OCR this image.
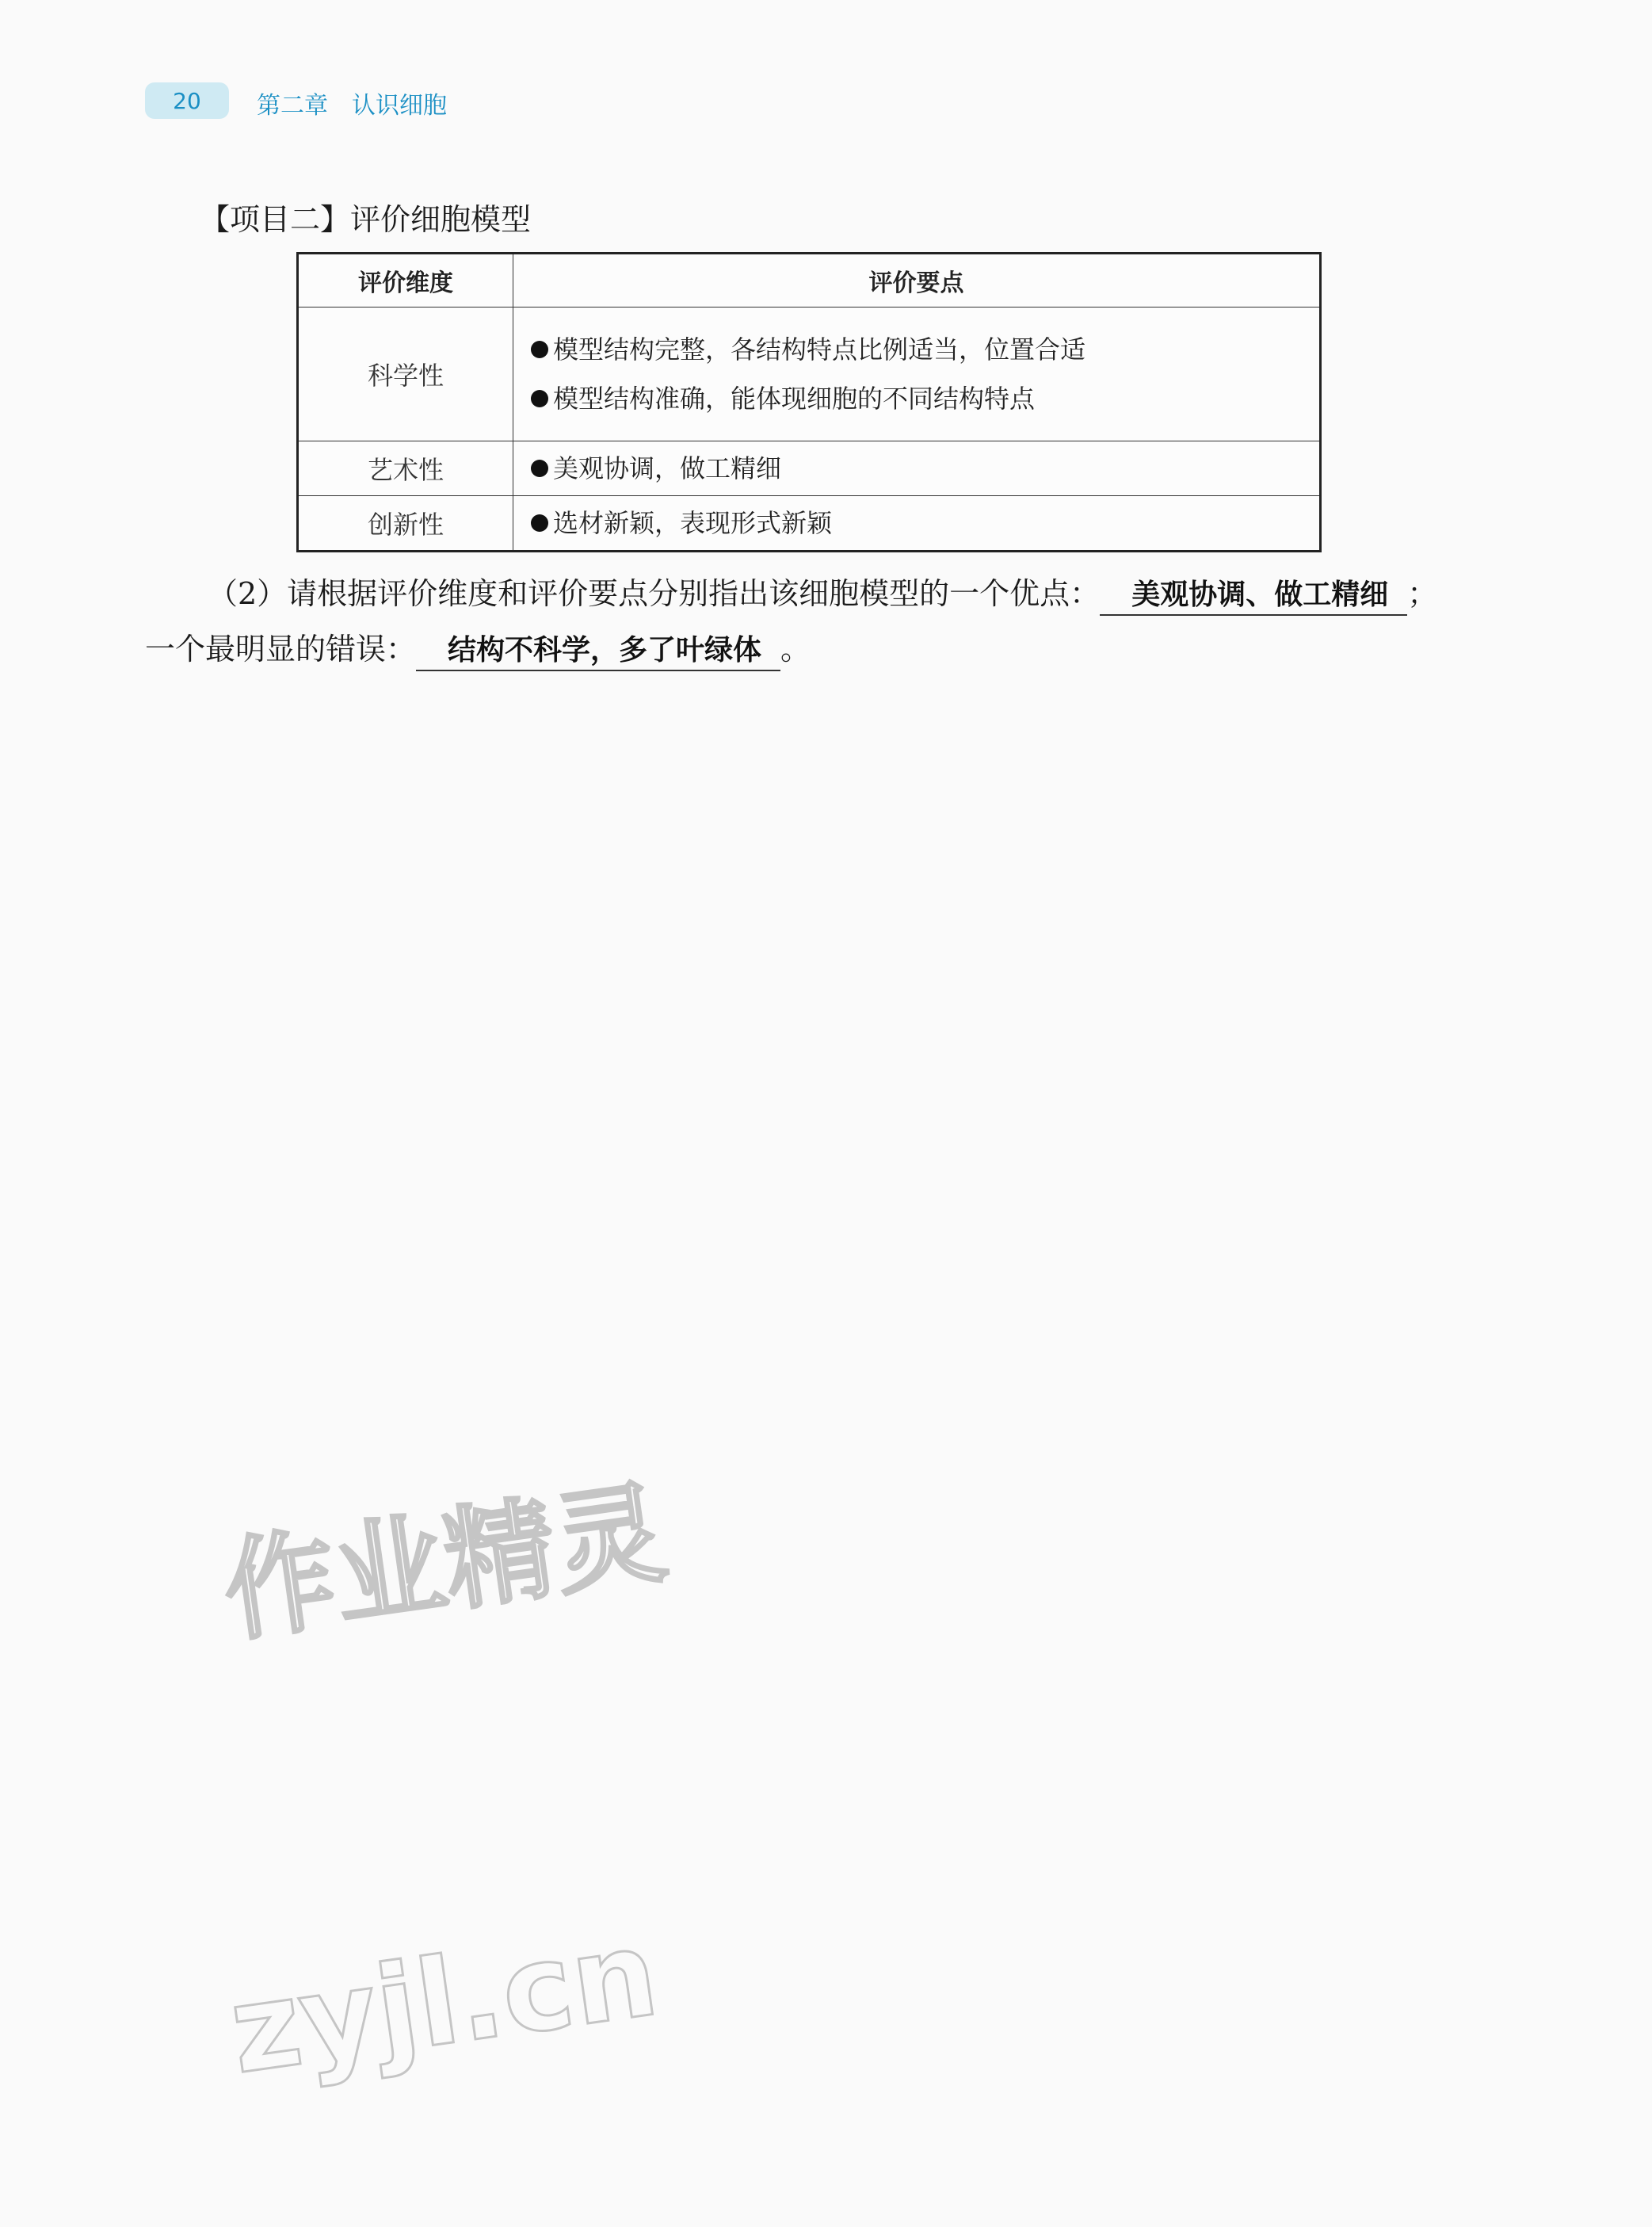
20	第二章 认识细胞
【项目二】评价细胞模型
评价维度	评价要点
科学性	模型结构完整，各结构特点比例适当，位置合适
模型结构准确，能体现细胞的不同结构特点

艺术性	美观协调，做工精细

创新性	选材新颖，表现形式新颖
（2）请根据评价维度和评价要点分别指出该细胞模型的一个优点： 美观协调、做工精细 ；
一个最明显的错误： 结构不科学，多了叶绿体 。
作业精灵
zyjl.cn
